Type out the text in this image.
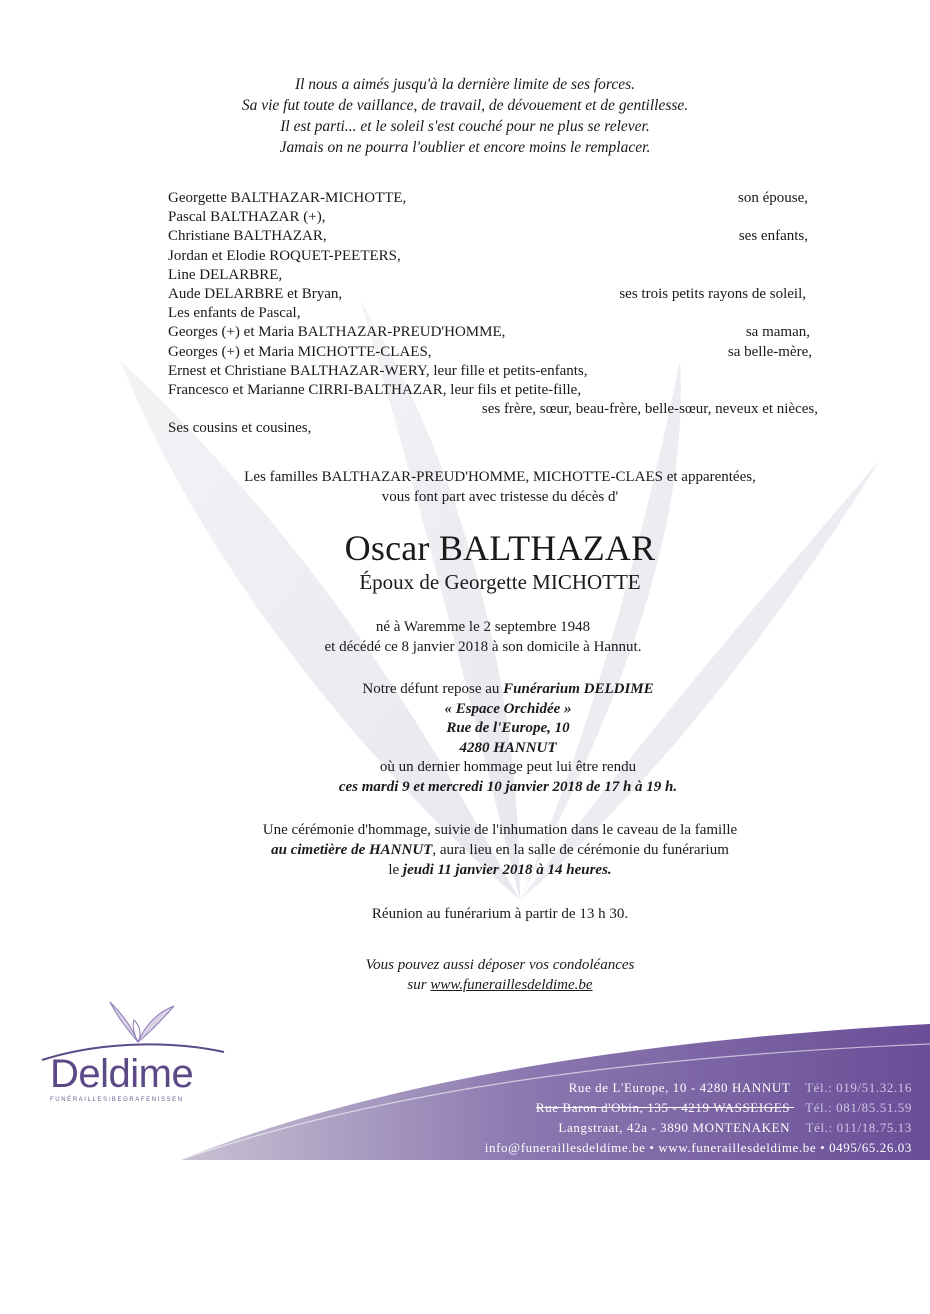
Il nous a aimés jusqu'à la dernière limite de ses forces.
Sa vie fut toute de vaillance, de travail, de dévouement et de gentillesse.
Il est parti... et le soleil s'est couché pour ne plus se relever.
Jamais on ne pourra l'oublier et encore moins le remplacer.
Georgette BALTHAZAR-MICHOTTE,	son épouse,
Pascal BALTHAZAR (+),
Christiane BALTHAZAR,	ses enfants,
Jordan et Elodie ROQUET-PEETERS,
Line DELARBRE,
Aude DELARBRE et Bryan,	ses trois petits rayons de soleil,
Les enfants de Pascal,
Georges (+) et Maria BALTHAZAR-PREUD'HOMME,	sa maman,
Georges (+) et Maria MICHOTTE-CLAES,	sa belle-mère,
Ernest et Christiane BALTHAZAR-WERY, leur fille et petits-enfants,
Francesco et Marianne CIRRI-BALTHAZAR, leur fils et petite-fille,
ses frère, sœur, beau-frère, belle-sœur, neveux et nièces,
Ses cousins et cousines,
Les familles BALTHAZAR-PREUD'HOMME, MICHOTTE-CLAES et apparentées,
vous font part avec tristesse du décès d'
Oscar BALTHAZAR
Époux de Georgette MICHOTTE
né à Waremme le 2 septembre 1948
et décédé ce 8 janvier 2018 à son domicile à Hannut.
Notre défunt repose au Funérarium DELDIME
« Espace Orchidée »
Rue de l'Europe, 10
4280 HANNUT
où un dernier hommage peut lui être rendu
ces mardi 9 et mercredi 10 janvier 2018 de 17 h à 19 h.
Une cérémonie d'hommage, suivie de l'inhumation dans le caveau de la famille
au cimetière de HANNUT, aura lieu en la salle de cérémonie du funérarium
le jeudi 11 janvier 2018 à 14 heures.
Réunion au funérarium à partir de 13 h 30.
Vous pouvez aussi déposer vos condoléances
sur www.funeraillesdeldime.be
Deldime
FUNÉRAILLES/BEGRAFENISSEN
Rue de L'Europe, 10 - 4280 HANNUT Tél.: 019/51.32.16
Rue Baron d'Obin, 135 - 4219 WASSEIGES Tél.: 081/85.51.59
Langstraat, 42a - 3890 MONTENAKEN Tél.: 011/18.75.13
info@funeraillesdeldime.be • www.funeraillesdeldime.be • 0495/65.26.03
